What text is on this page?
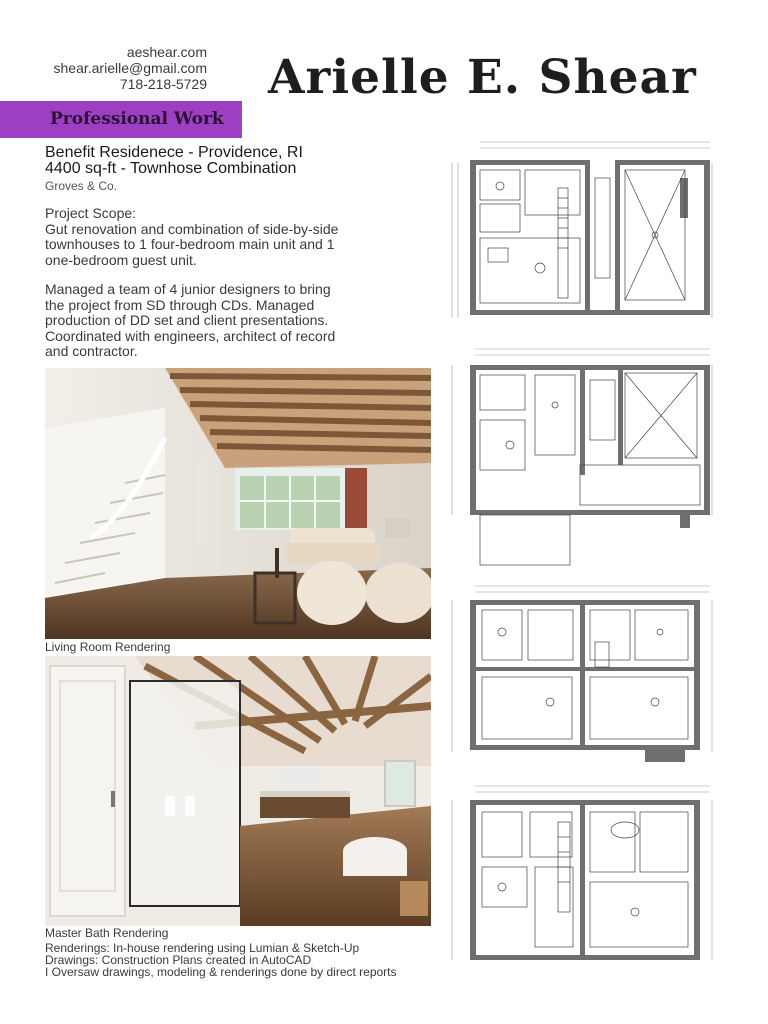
aeshear.com
shear.arielle@gmail.com
718-218-5729 Arielle E. Shear
Professional Work
Benefit Residenece - Providence, RI
4400 sq-ft - Townhose Combination
Groves & Co.

Project Scope:
Gut renovation and combination of side-by-side townhouses to 1 four-bedroom main unit and 1 one-bedroom guest unit.

Managed a team of 4 junior designers to bring the project from SD through CDs. Managed production of DD set and client presentations. Coordinated with engineers, architect of record and contractor.

Living Room Rendering
Master Bath Rendering
Renderings: In-house rendering using Lumian & Sketch-Up
Drawings: Construction Plans created in AutoCAD
I Oversaw drawings, modeling & renderings done by direct reports
